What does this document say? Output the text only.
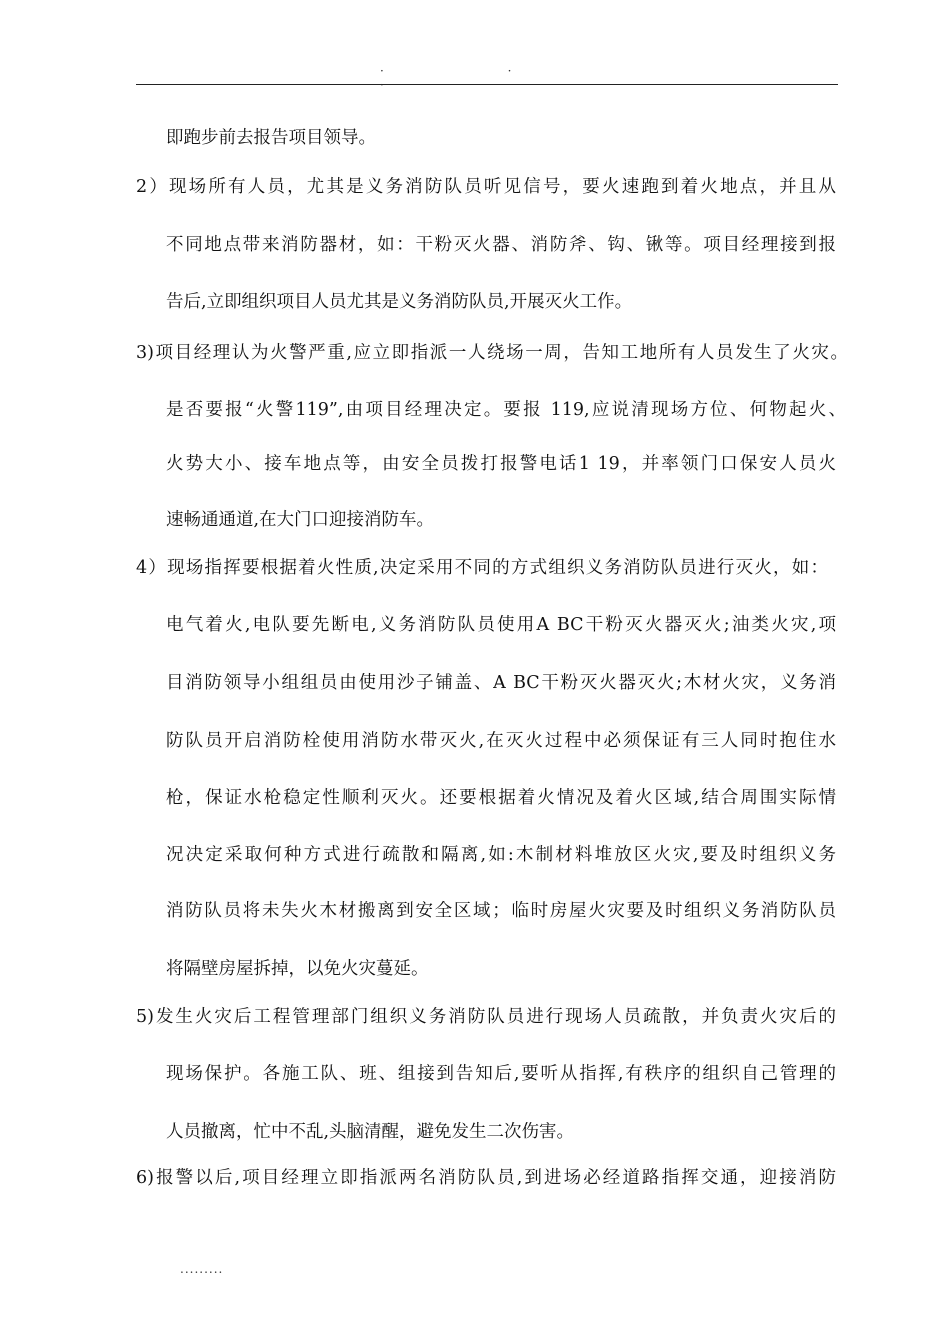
· · ·
即跑步前去报告项目领导。
2）现场所有人员，尤其是义务消防队员听见信号，要火速跑到着火地点，并且从
不同地点带来消防器材，如：干粉灭火器、消防斧、钩、锹等。项目经理接到报
告后,立即组织项目人员尤其是义务消防队员,开展灭火工作。
3)项目经理认为火警严重,应立即指派一人绕场一周，告知工地所有人员发生了火灾。
是否要报“火警119”,由项目经理决定。要报 119,应说清现场方位、何物起火、
火势大小、接车地点等，由安全员拨打报警电话1 19，并率领门口保安人员火
速畅通通道,在大门口迎接消防车。
4）现场指挥要根据着火性质,决定采用不同的方式组织义务消防队员进行灭火，如：
电气着火,电队要先断电,义务消防队员使用A BC干粉灭火器灭火;油类火灾,项
目消防领导小组组员由使用沙子铺盖、A BC干粉灭火器灭火;木材火灾，义务消
防队员开启消防栓使用消防水带灭火,在灭火过程中必须保证有三人同时抱住水
枪，保证水枪稳定性顺利灭火。还要根据着火情况及着火区域,结合周围实际情
况决定采取何种方式进行疏散和隔离,如:木制材料堆放区火灾,要及时组织义务
消防队员将未失火木材搬离到安全区域；临时房屋火灾要及时组织义务消防队员
将隔壁房屋拆掉，以免火灾蔓延。
5)发生火灾后工程管理部门组织义务消防队员进行现场人员疏散，并负责火灾后的
现场保护。各施工队、班、组接到告知后,要听从指挥,有秩序的组织自己管理的
人员撤离，忙中不乱,头脑清醒，避免发生二次伤害。
6)报警以后,项目经理立即指派两名消防队员,到进场必经道路指挥交通，迎接消防
.........
